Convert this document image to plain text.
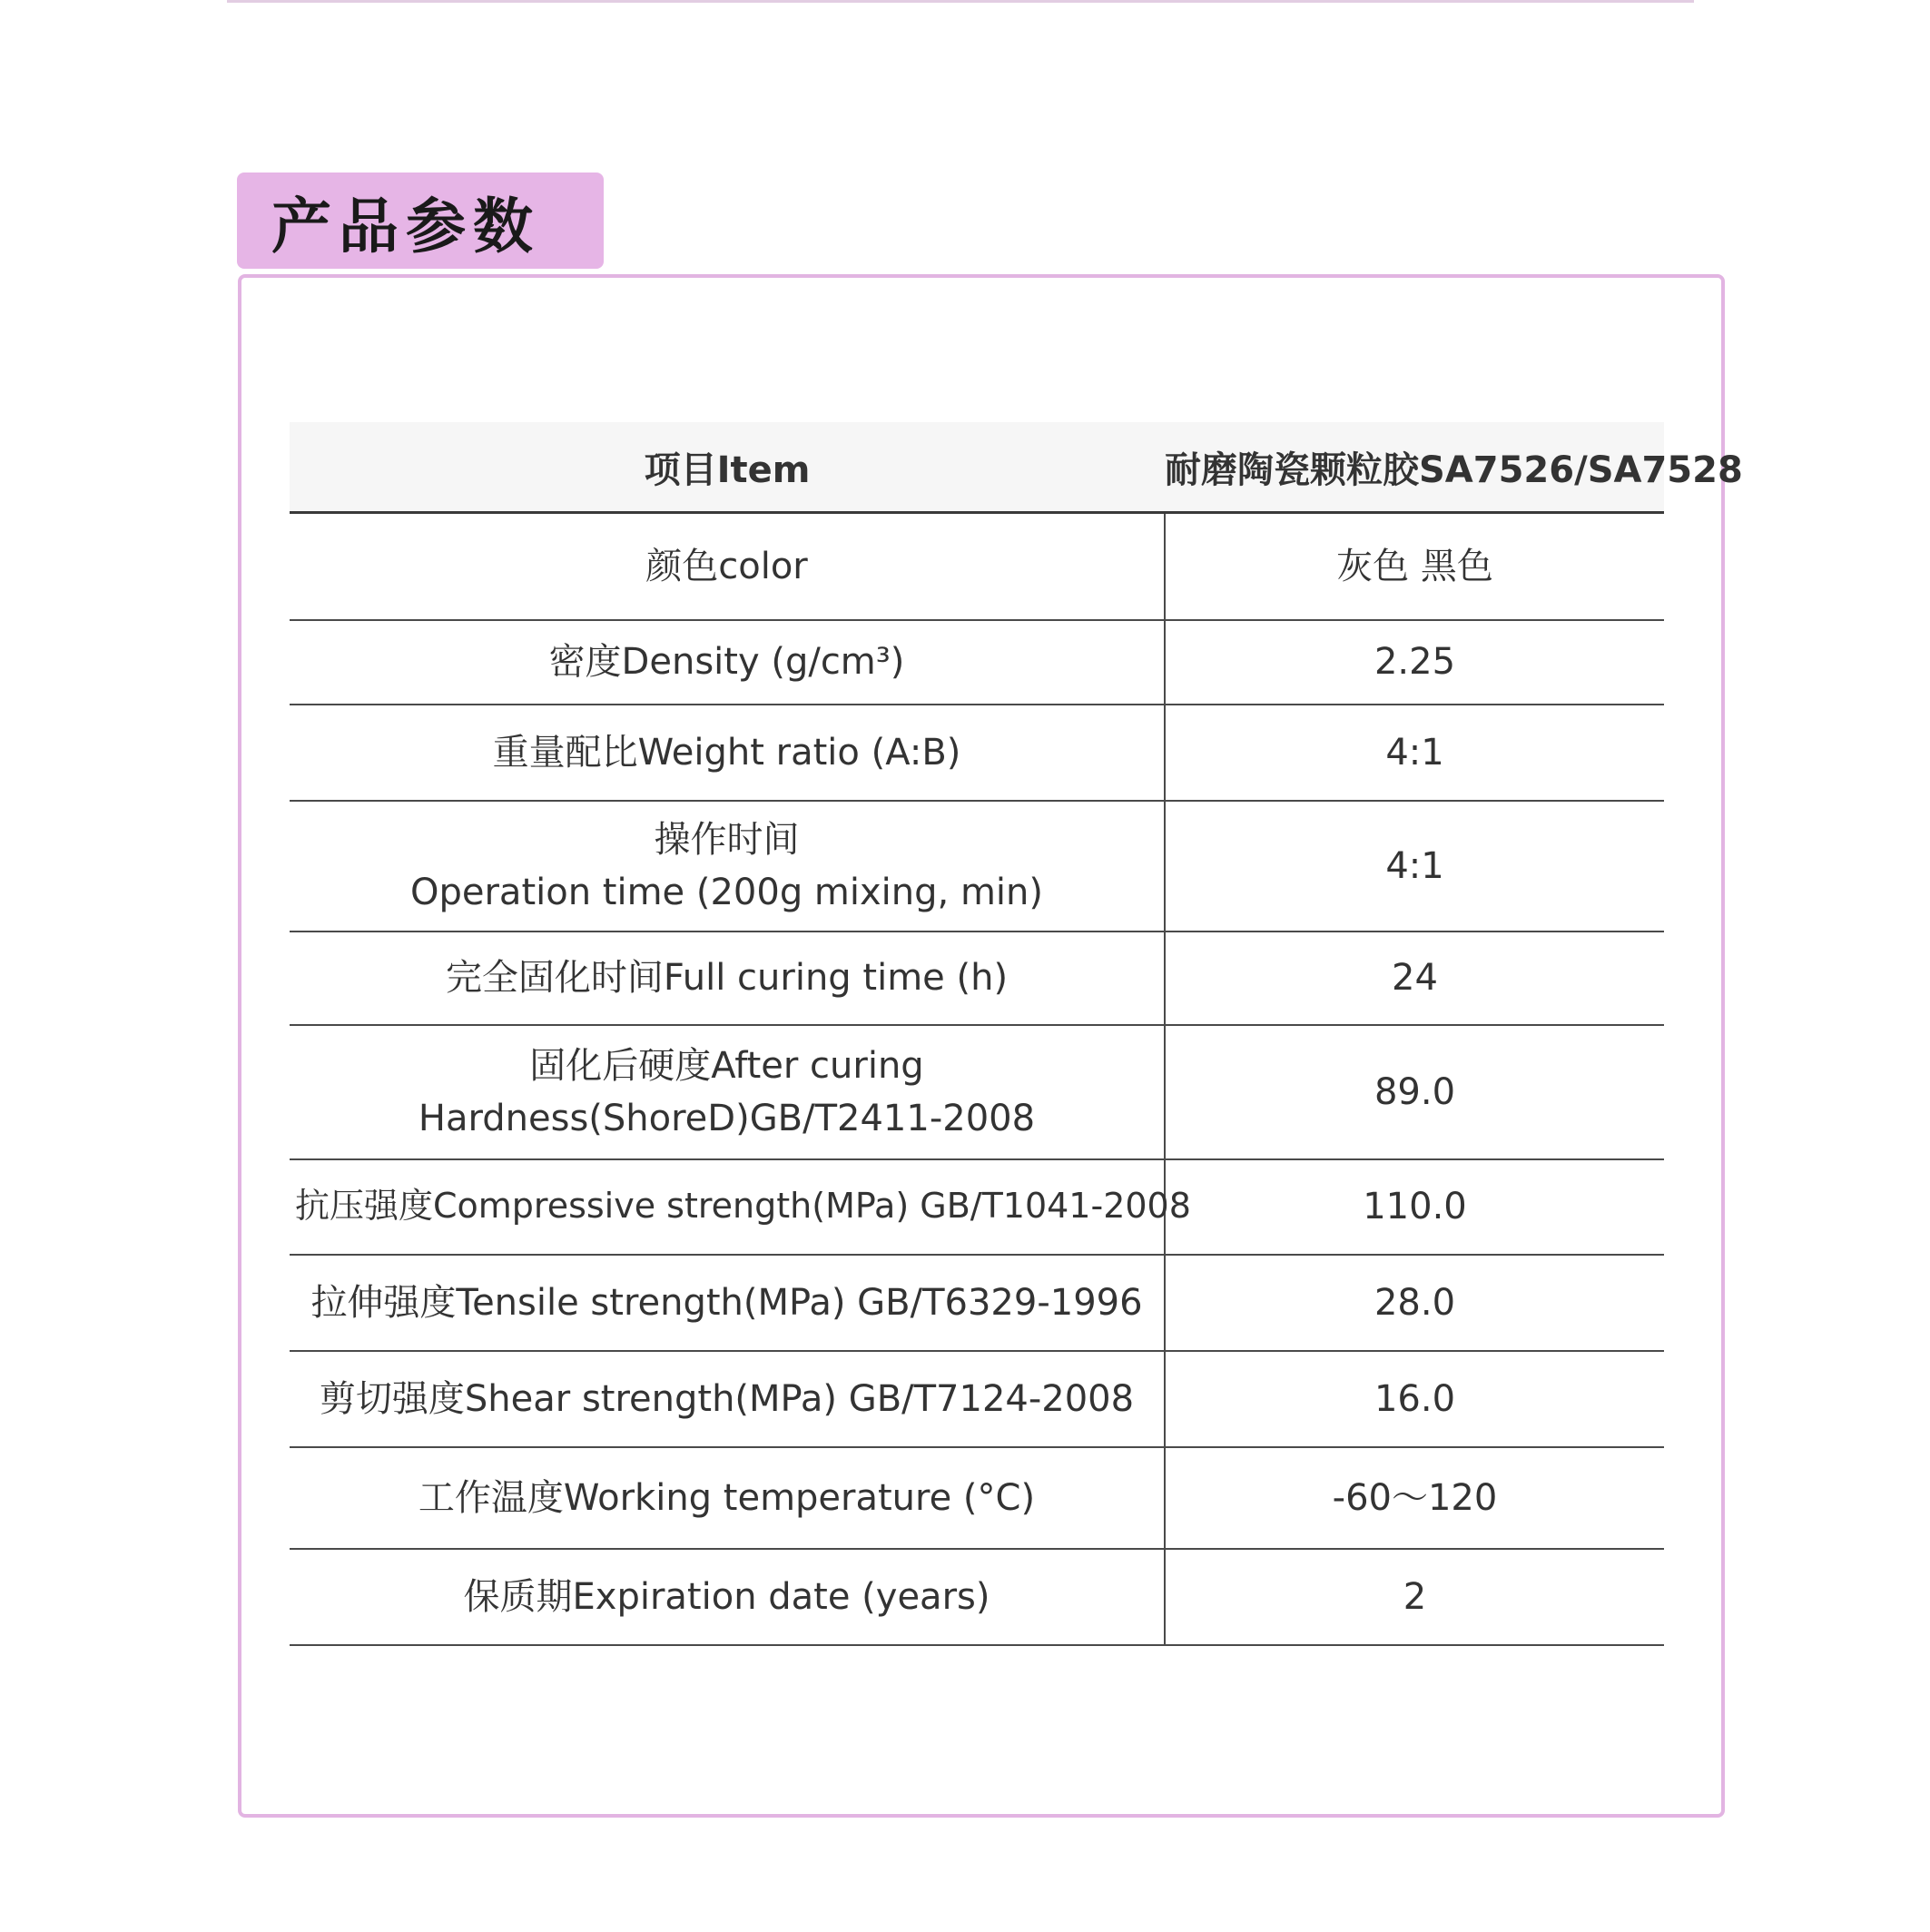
产品参数
项目Item	耐磨陶瓷颗粒胶SA7526/SA7528

颜色color	灰色 黑色

密度Density (g/cm³)	2.25

重量配比Weight ratio (A:B)	4:1

操作时间
Operation time (200g mixing, min)	4:1

完全固化时间Full curing time (h)	24

固化后硬度After curing
Hardness(ShoreD)GB/T2411-2008	89.0

抗压强度Compressive strength(MPa) GB/T1041-2008	110.0

拉伸强度Tensile strength(MPa) GB/T6329-1996	28.0

剪切强度Shear strength(MPa) GB/T7124-2008	16.0

工作温度Working temperature (°C)	-60～120

保质期Expiration date (years)	2
